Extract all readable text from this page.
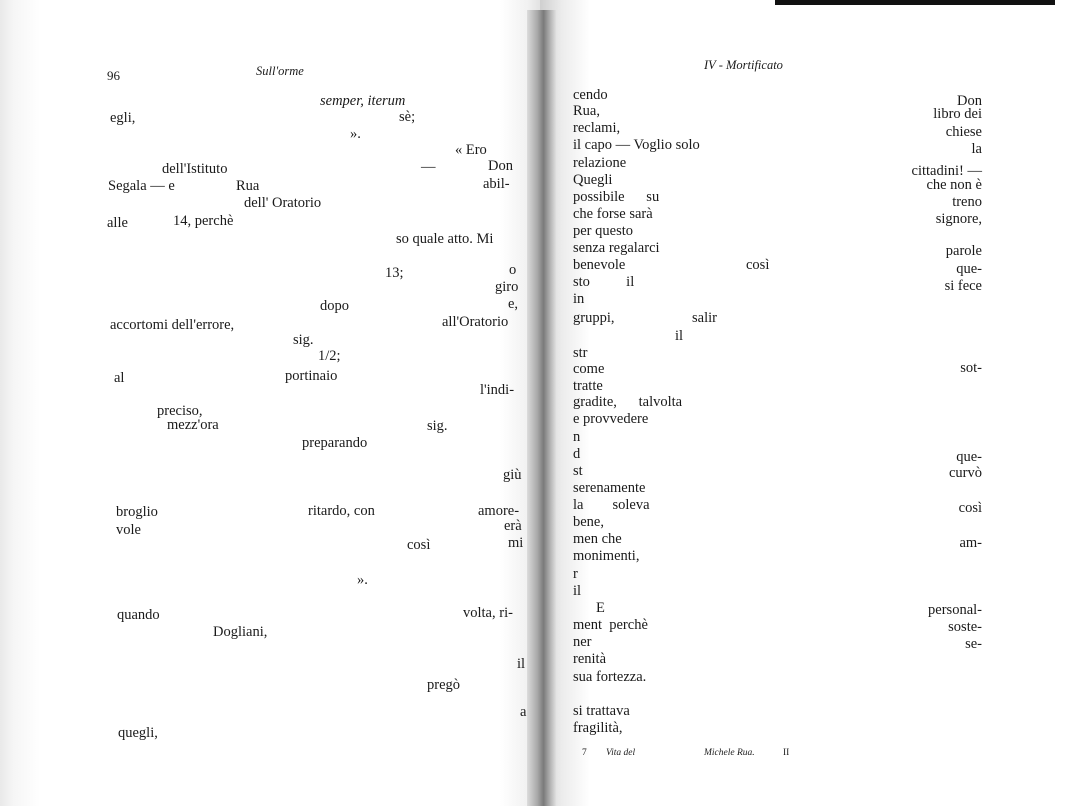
96	Sull'orme
semper, iterum
egli,	sè;
».
« Ero
dell'Istituto	—	Don
Segala — e	Rua	abil-
dell' Oratorio
alle	14, perchè
so quale atto. Mi
13;	o
giro
dopo	e,
accortomi dell'errore,	all'Oratorio
sig.
1/2;
al	portinaio
l'indi-
preciso,
mezz'ora	sig.
preparando
giù
broglio	ritardo, con	amore-
erà
vole
così	mi
».
quando	volta, ri-
Dogliani,
il
pregò
a
quegli,
IV - Mortificato
cendo
Rua,
reclami,
il capo — Voglio solo
relazione
Quegli
possibile      su
che forse sarà
per questo
senza regalarci
benevole
sto          il
in
gruppi,	salir
il
str
come
tratte
gradite,      talvolta
e provvedere
n
d
st
serenamente
la        soleva
bene,
men che
monimenti,
r
il
E
ment  perchè
ner
renità
sua fortezza.
si trattava
fragilità,
Don
libro dei
chiese
la
cittadini! —
che non è
treno
signore,
parole
que-
si fece
così
sot-
que-
curvò
così
am-
personal-
soste-
se-
7 Vita del	Michele Rua.	II
